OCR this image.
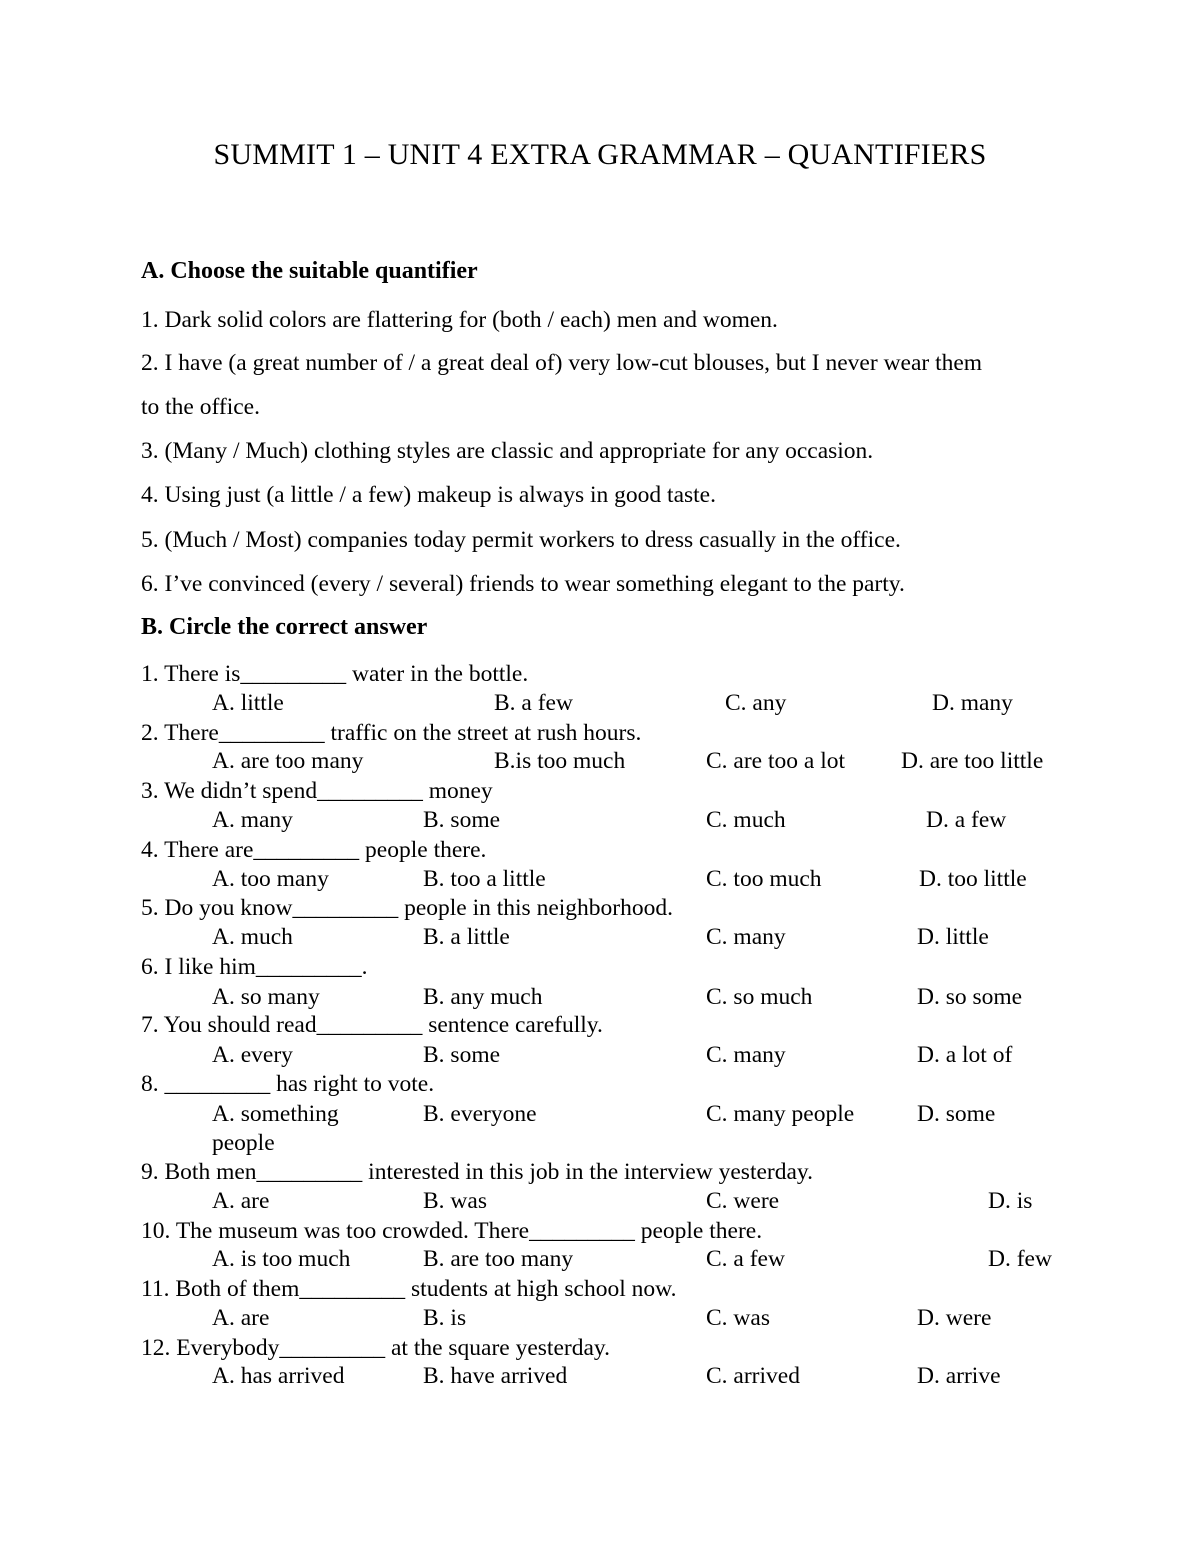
SUMMIT 1 – UNIT 4 EXTRA GRAMMAR – QUANTIFIERS
A. Choose the suitable quantifier
1. Dark solid colors are flattering for (both / each) men and women.
2. I have (a great number of / a great deal of) very low-cut blouses, but I never wear them
to the office.
3. (Many / Much) clothing styles are classic and appropriate for any occasion.
4. Using just (a little / a few) makeup is always in good taste.
5. (Much / Most) companies today permit workers to dress casually in the office.
6. I’ve convinced (every / several) friends to wear something elegant to the party.
B. Circle the correct answer
1. There is_________ water in the bottle.
A. little	B. a few	C. any	D. many
2. There_________ traffic on the street at rush hours.
A. are too many	B.is too much	C. are too a lot D. are too little
3. We didn’t spend_________ money
A. many	B. some	C. much	D. a few
4. There are_________ people there.
A. too many	B. too a little	C. too much	D. too little
5. Do you know_________ people in this neighborhood.
A. much	B. a little	C. many	D. little
6. I like him_________.
A. so many	B. any much	C. so much	D. so some
7. You should read_________ sentence carefully.
A. every	B. some	C. many	D. a lot of
8. _________ has right to vote.
A. something
people
B. everyone	C. many people	D. some
9. Both men_________ interested in this job in the interview yesterday.
A. are	B. was	C. were	D. is
10. The museum was too crowded. There_________ people there.
A. is too much	B. are too many	C. a few	D. few
11. Both of them_________ students at high school now.
A. are	B. is	C. was	D. were
12. Everybody_________ at the square yesterday.
A. has arrived	B. have arrived	C. arrived	D. arrive
